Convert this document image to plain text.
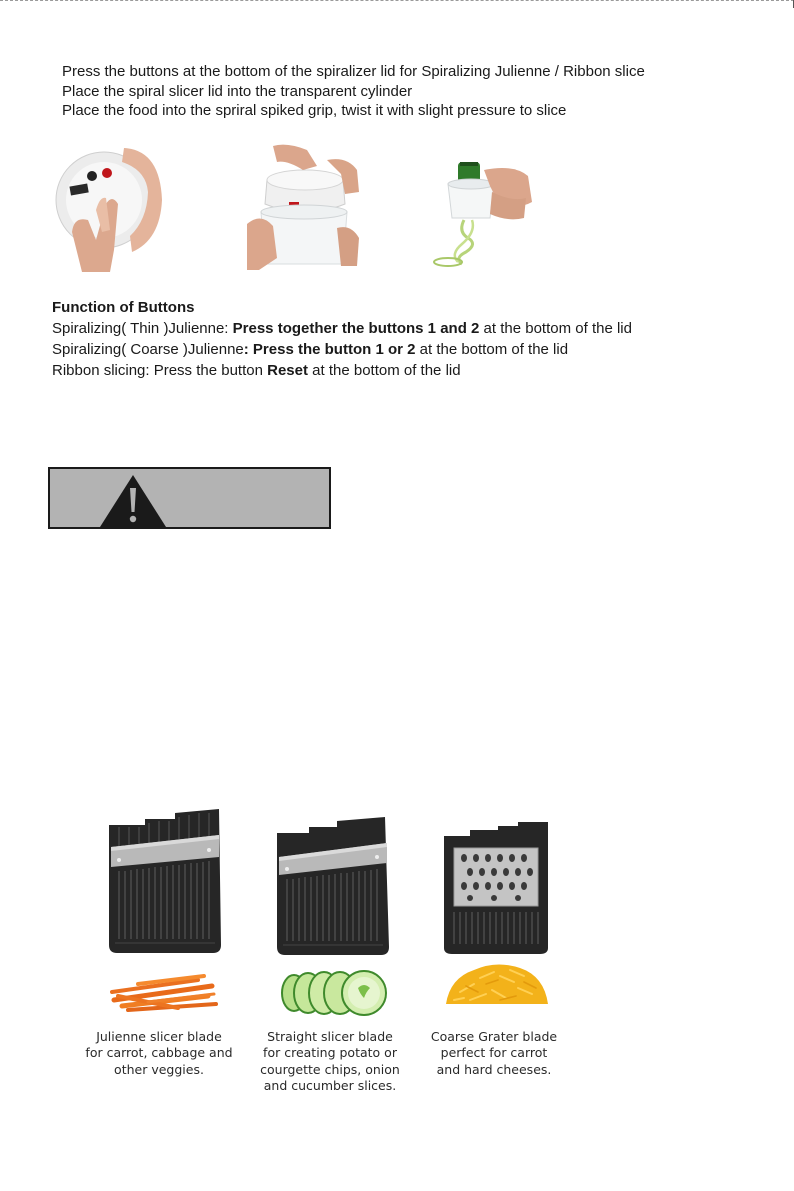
Press the buttons at the bottom of the spiralizer lid for Spiralizing Julienne / Ribbon slice
Place the spiral slicer lid into the transparent cylinder
Place the food into the spriral spiked grip, twist it with slight pressure to slice
Function of Buttons
Spiralizing( Thin )Julienne: Press together the buttons 1 and 2 at the bottom of the lid
Spiralizing( Coarse )Julienne: Press the button 1 or 2 at the bottom of the lid
Ribbon slicing: Press the button Reset at the bottom of the lid
Julienne slicer blade
for carrot, cabbage and
other veggies.
Straight slicer blade
for creating potato or
courgette chips, onion
and cucumber slices.
Coarse Grater blade
perfect for carrot
and hard cheeses.
